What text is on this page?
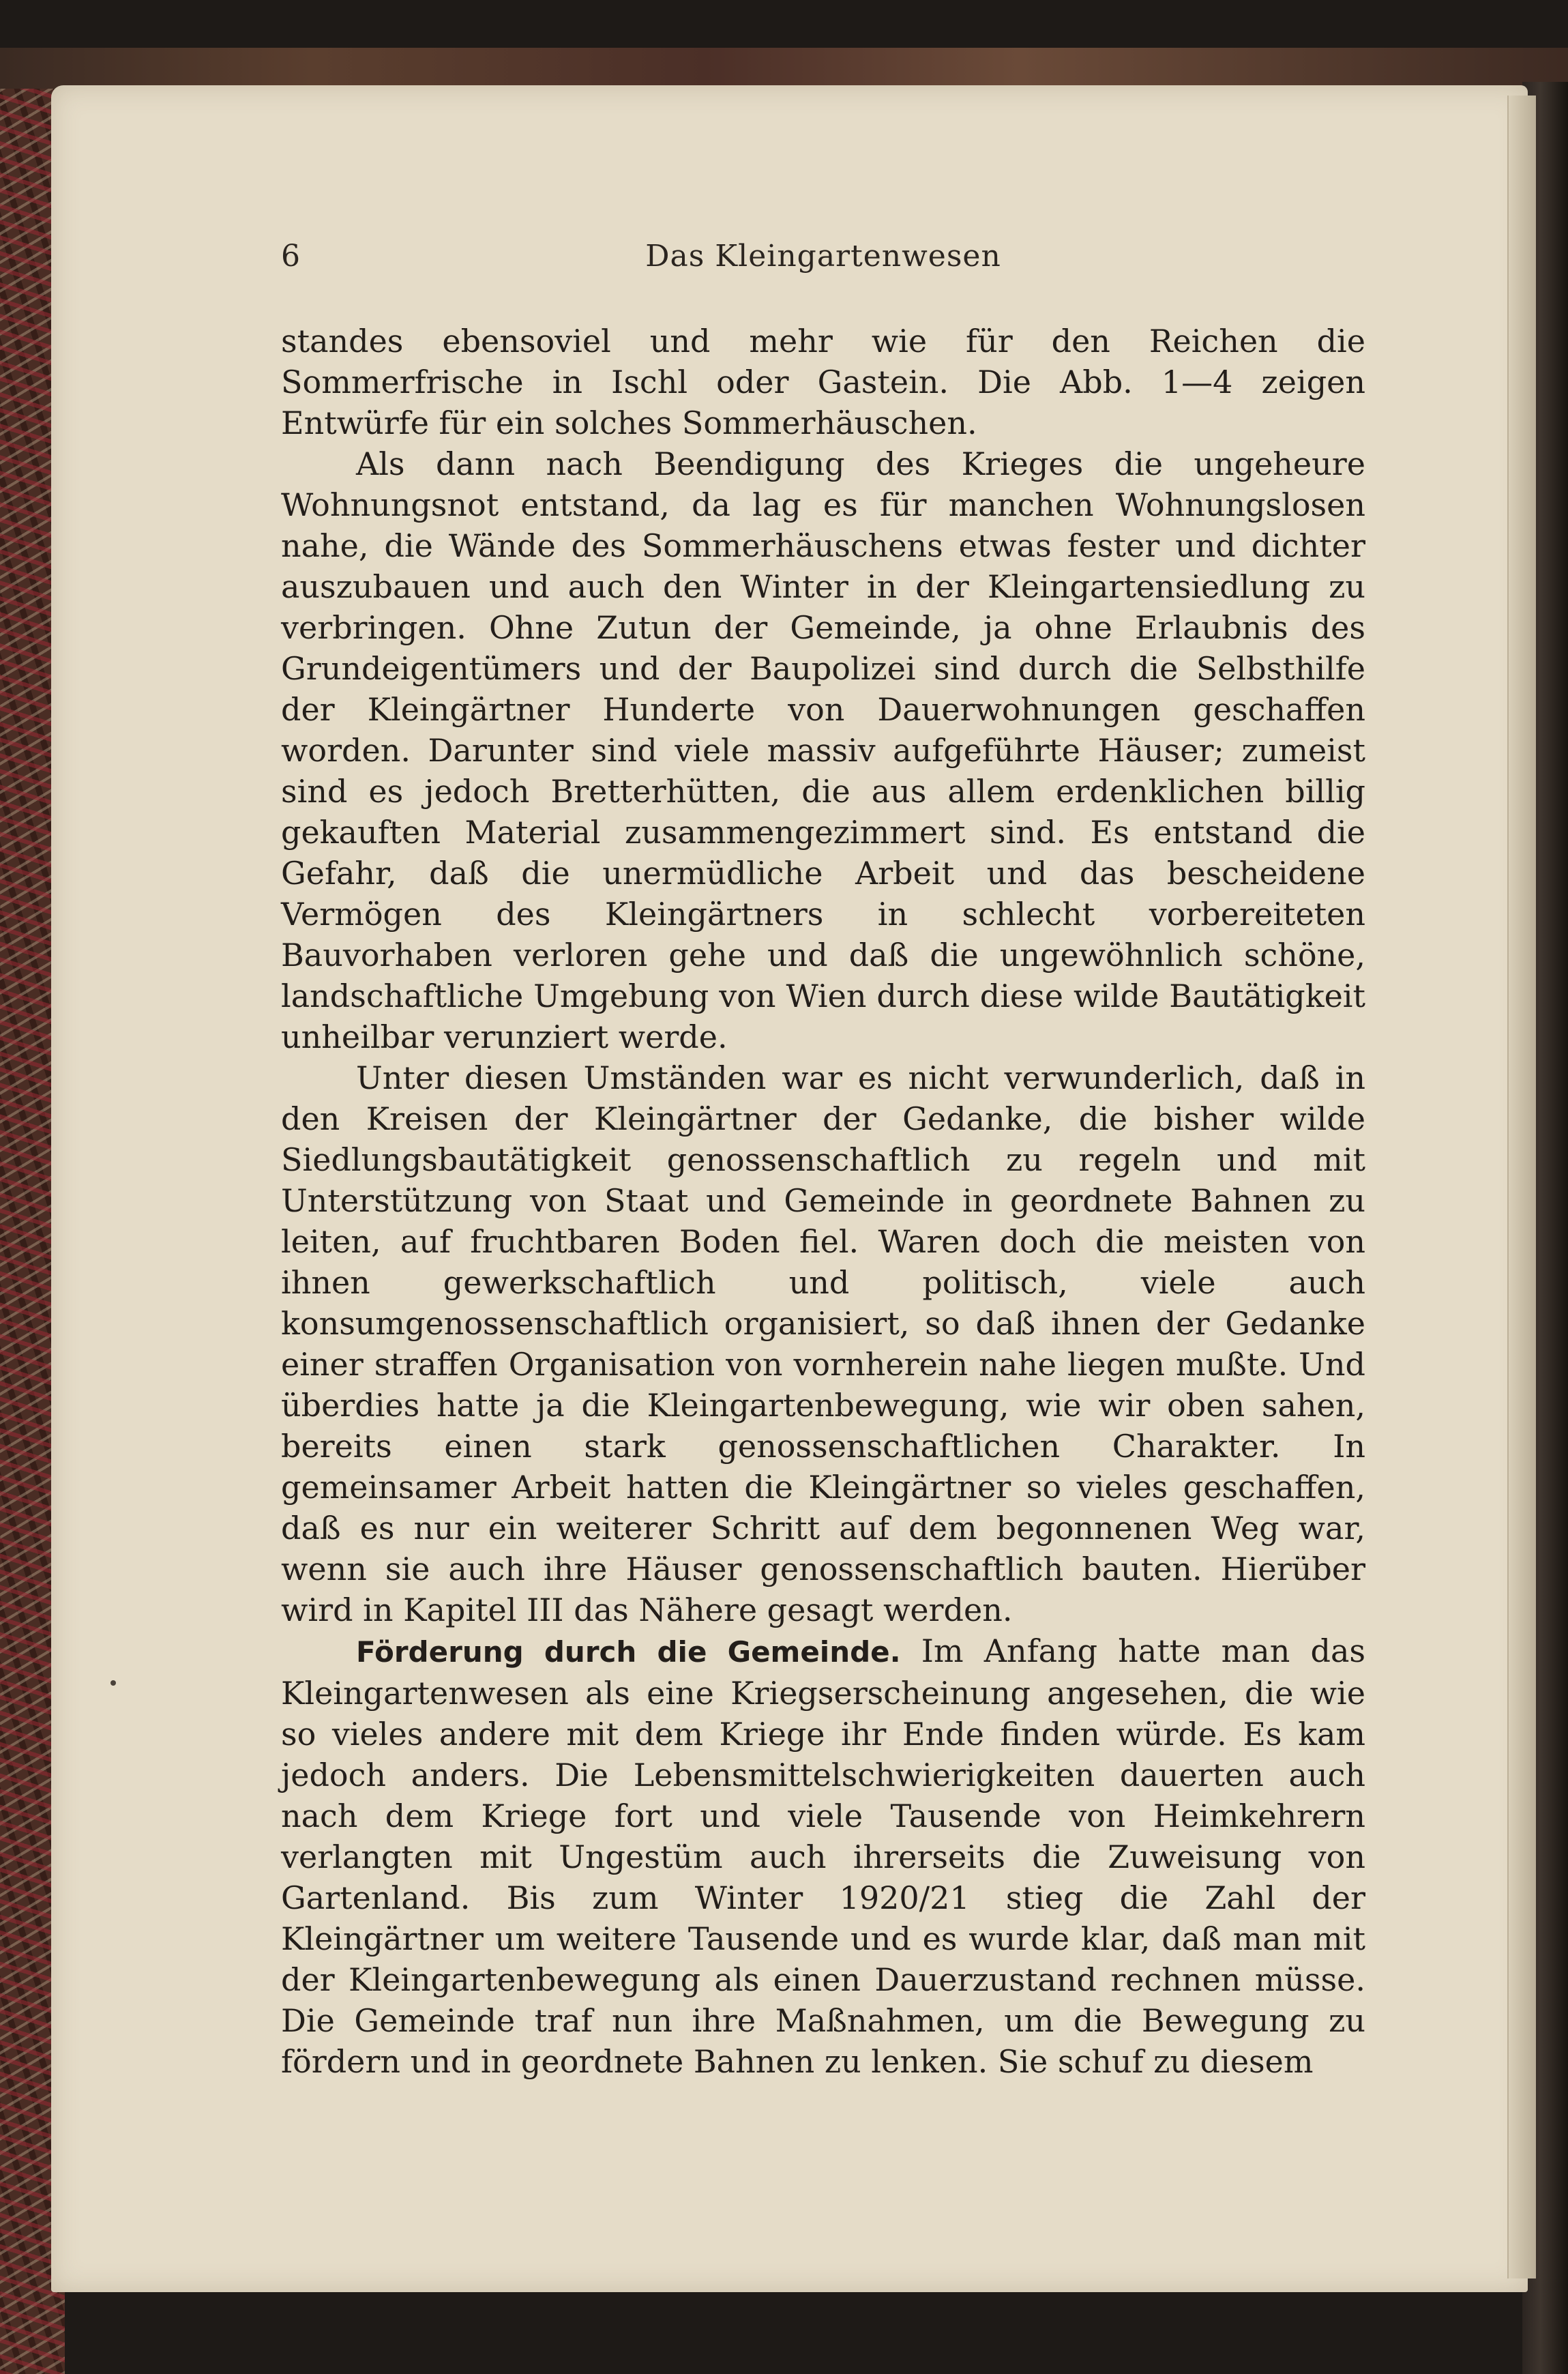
6	Das Kleingartenwesen

standes ebensoviel und mehr wie für den Reichen die Sommerfrische in Ischl oder Gastein. Die Abb. 1—4 zeigen Entwürfe für ein solches Sommerhäuschen.

Als dann nach Beendigung des Krieges die ungeheure Wohnungsnot entstand, da lag es für manchen Wohnungslosen nahe, die Wände des Sommerhäuschens etwas fester und dichter auszubauen und auch den Winter in der Kleingartensiedlung zu verbringen. Ohne Zutun der Gemeinde, ja ohne Erlaubnis des Grundeigentümers und der Baupolizei sind durch die Selbsthilfe der Kleingärtner Hunderte von Dauerwohnungen geschaffen worden. Darunter sind viele massiv aufgeführte Häuser; zumeist sind es jedoch Bretterhütten, die aus allem erdenklichen billig gekauften Material zusammengezimmert sind. Es entstand die Gefahr, daß die unermüdliche Arbeit und das bescheidene Vermögen des Kleingärtners in schlecht vorbereiteten Bauvorhaben verloren gehe und daß die ungewöhnlich schöne, landschaftliche Umgebung von Wien durch diese wilde Bautätigkeit unheilbar verunziert werde.

Unter diesen Umständen war es nicht verwunderlich, daß in den Kreisen der Kleingärtner der Gedanke, die bisher wilde Siedlungsbautätigkeit genossenschaftlich zu regeln und mit Unterstützung von Staat und Gemeinde in geordnete Bahnen zu leiten, auf fruchtbaren Boden fiel. Waren doch die meisten von ihnen gewerkschaftlich und politisch, viele auch konsumgenossenschaftlich organisiert, so daß ihnen der Gedanke einer straffen Organisation von vornherein nahe liegen mußte. Und überdies hatte ja die Kleingartenbewegung, wie wir oben sahen, bereits einen stark genossenschaftlichen Charakter. In gemeinsamer Arbeit hatten die Kleingärtner so vieles geschaffen, daß es nur ein weiterer Schritt auf dem begonnenen Weg war, wenn sie auch ihre Häuser genossenschaftlich bauten. Hierüber wird in Kapitel III das Nähere gesagt werden.

Förderung durch die Gemeinde. Im Anfang hatte man das Kleingartenwesen als eine Kriegserscheinung angesehen, die wie so vieles andere mit dem Kriege ihr Ende finden würde. Es kam jedoch anders. Die Lebensmittelschwierigkeiten dauerten auch nach dem Kriege fort und viele Tausende von Heimkehrern verlangten mit Ungestüm auch ihrerseits die Zuweisung von Gartenland. Bis zum Winter 1920/21 stieg die Zahl der Kleingärtner um weitere Tausende und es wurde klar, daß man mit der Kleingartenbewegung als einen Dauerzustand rechnen müsse. Die Gemeinde traf nun ihre Maßnahmen, um die Bewegung zu fördern und in geordnete Bahnen zu lenken. Sie schuf zu diesem
